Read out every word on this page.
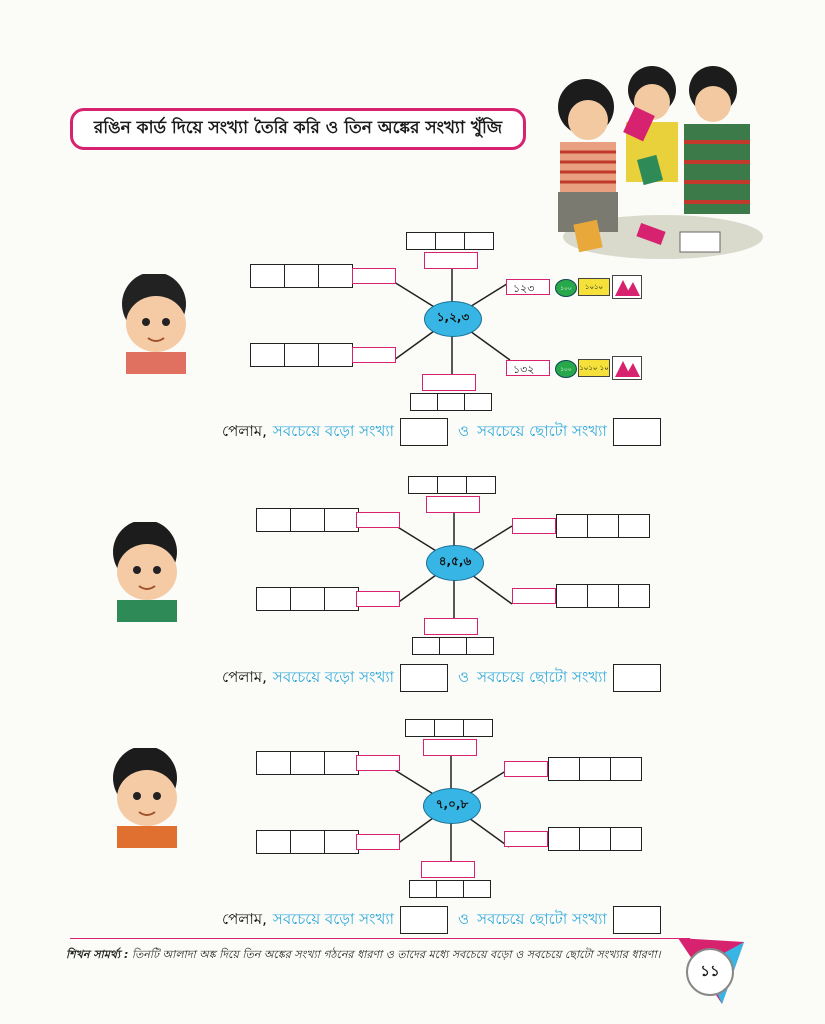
রঙিন কার্ড দিয়ে সংখ্যা তৈরি করি ও তিন অঙ্কের সংখ্যা খুঁজি
১২৩	১০০ ১০১০
১৩২	১০০ ১০১০ ১০
১,২,৩
পেলাম, সবচেয়ে বড়ো সংখ্যা	ও সবচেয়ে ছোটো সংখ্যা
৪,৫,৬
পেলাম, সবচেয়ে বড়ো সংখ্যা	ও সবচেয়ে ছোটো সংখ্যা
৭,০,৮
পেলাম, সবচেয়ে বড়ো সংখ্যা	ও সবচেয়ে ছোটো সংখ্যা
শিখন সামর্থ্য : তিনটি আলাদা অঙ্ক দিয়ে তিন অঙ্কের সংখ্যা গঠনের ধারণা ও তাদের মধ্যে সবচেয়ে বড়ো ও সবচেয়ে ছোটো সংখ্যার ধারণা।
১১
